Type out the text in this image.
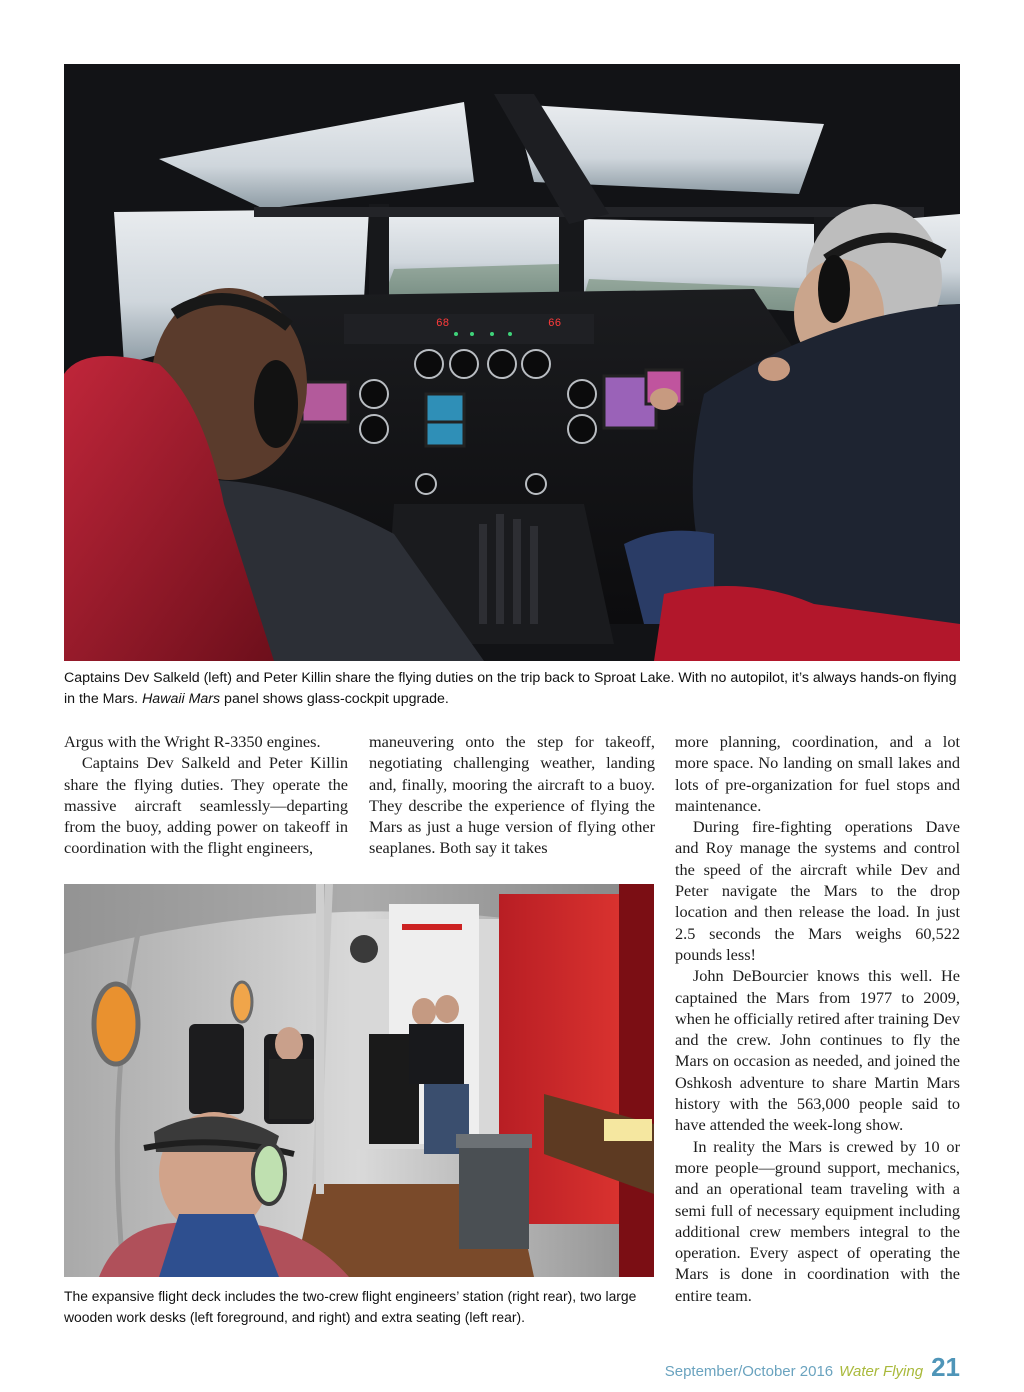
68	66
Captains Dev Salkeld (left) and Peter Killin share the flying duties on the trip back to Sproat Lake. With no autopilot, it’s always hands-on flying in the Mars. Hawaii Mars panel shows glass-cockpit upgrade.

Argus with the Wright R-3350 engines.

Captains Dev Salkeld and Peter Killin share the flying duties. They operate the massive aircraft seamlessly—departing from the buoy, adding power on takeoff in coordination with the flight engineers,

maneuvering onto the step for takeoff, negotiating challenging weather, landing and, finally, mooring the aircraft to a buoy. They describe the experience of flying the Mars as just a huge version of flying other seaplanes. Both say it takes

more planning, coordination, and a lot more space. No landing on small lakes and lots of pre-organization for fuel stops and maintenance.

During fire-fighting operations Dave and Roy manage the systems and control the speed of the aircraft while Dev and Peter navigate the Mars to the drop location and then release the load. In just 2.5 seconds the Mars weighs 60,522 pounds less!

John DeBourcier knows this well. He captained the Mars from 1977 to 2009, when he officially retired after training Dev and the crew. John continues to fly the Mars on occasion as needed, and joined the Oshkosh adventure to share Martin Mars history with the 563,000 people said to have attended the week-long show.

In reality the Mars is crewed by 10 or more people—ground support, mechanics, and an operational team traveling with a semi full of necessary equipment including additional crew members integral to the operation. Every aspect of operating the Mars is done in coordination with the entire team.

The expansive flight deck includes the two-crew flight engineers’ station (right rear), two large wooden work desks (left foreground, and right) and extra seating (left rear).
September/October 2016 Water Flying 21
